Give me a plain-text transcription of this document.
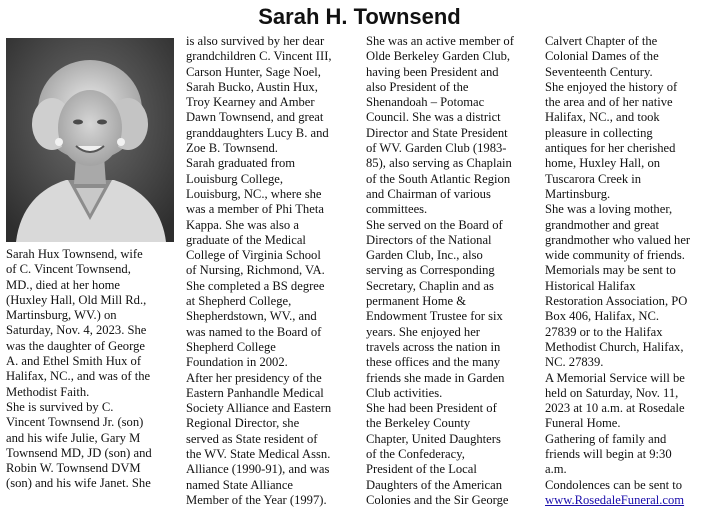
Sarah H. Townsend

Sarah Hux Townsend, wife
of C. Vincent Townsend,
MD., died at her home
(Huxley Hall, Old Mill Rd.,
Martinsburg, WV.) on
Saturday, Nov. 4, 2023. She
was the daughter of George
A. and Ethel Smith Hux of
Halifax, NC., and was of the
Methodist Faith.
She is survived by C.
Vincent Townsend Jr. (son)
and his wife Julie, Gary M
Townsend MD, JD (son) and
Robin W. Townsend DVM
(son) and his wife Janet. She

is also survived by her dear
grandchildren C. Vincent III,
Carson Hunter, Sage Noel,
Sarah Bucko, Austin Hux,
Troy Kearney and Amber
Dawn Townsend, and great
granddaughters Lucy B. and
Zoe B. Townsend.
Sarah graduated from
Louisburg College,
Louisburg, NC., where she
was a member of Phi Theta
Kappa. She was also a
graduate of the Medical
College of Virginia School
of Nursing, Richmond, VA.
She completed a BS degree
at Shepherd College,
Shepherdstown, WV., and
was named to the Board of
Shepherd College
Foundation in 2002.
After her presidency of the
Eastern Panhandle Medical
Society Alliance and Eastern
Regional Director, she
served as State resident of
the WV. State Medical Assn.
Alliance (1990-91), and was
named State Alliance
Member of the Year (1997).

She was an active member of
Olde Berkeley Garden Club,
having been President and
also President of the
Shenandoah – Potomac
Council. She was a district
Director and State President
of WV. Garden Club (1983-
85), also serving as Chaplain
of the South Atlantic Region
and Chairman of various
committees.
She served on the Board of
Directors of the National
Garden Club, Inc., also
serving as Corresponding
Secretary, Chaplin and as
permanent Home &
Endowment Trustee for six
years. She enjoyed her
travels across the nation in
these offices and the many
friends she made in Garden
Club activities.
She had been President of
the Berkeley County
Chapter, United Daughters
of the Confederacy,
President of the Local
Daughters of the American
Colonies and the Sir George

Calvert Chapter of the
Colonial Dames of the
Seventeenth Century.
She enjoyed the history of
the area and of her native
Halifax, NC., and took
pleasure in collecting
antiques for her cherished
home, Huxley Hall, on
Tuscarora Creek in
Martinsburg.
She was a loving mother,
grandmother and great
grandmother who valued her
wide community of friends.
Memorials may be sent to
Historical Halifax
Restoration Association, PO
Box 406, Halifax, NC.
27839 or to the Halifax
Methodist Church, Halifax,
NC. 27839.
A Memorial Service will be
held on Saturday, Nov. 11,
2023 at 10 a.m. at Rosedale
Funeral Home.
Gathering of family and
friends will begin at 9:30
a.m.
Condolences can be sent to
www.RosedaleFuneral.com
